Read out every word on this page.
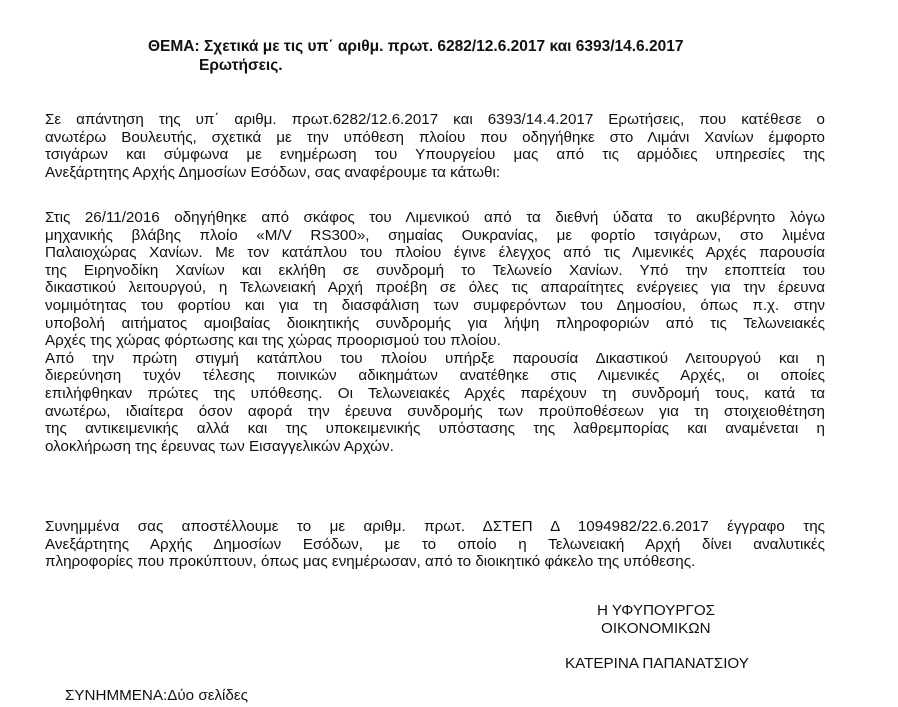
ΘΕΜΑ: Σχετικά με τις υπ΄ αριθμ. πρωτ. 6282/12.6.2017 και 6393/14.6.2017
Ερωτήσεις.
Σε απάντηση της υπ΄ αριθμ. πρωτ.6282/12.6.2017 και 6393/14.4.2017 Ερωτήσεις, που κατέθεσε ο
ανωτέρω Βουλευτής, σχετικά με την υπόθεση πλοίου που οδηγήθηκε στο Λιμάνι Χανίων έμφορτο
τσιγάρων και σύμφωνα με ενημέρωση του Υπουργείου μας από τις αρμόδιες υπηρεσίες της
Ανεξάρτητης Αρχής Δημοσίων Εσόδων, σας αναφέρουμε τα κάτωθι:
Στις 26/11/2016 οδηγήθηκε από σκάφος του Λιμενικού από τα διεθνή ύδατα το ακυβέρνητο λόγω
μηχανικής βλάβης πλοίο «M/V RS300», σημαίας Ουκρανίας, με φορτίο τσιγάρων, στο λιμένα
Παλαιοχώρας Χανίων. Με τον κατάπλου του πλοίου έγινε έλεγχος από τις Λιμενικές Αρχές παρουσία
της Ειρηνοδίκη Χανίων και εκλήθη σε συνδρομή το Τελωνείο Χανίων. Υπό την εποπτεία του
δικαστικού λειτουργού, η Τελωνειακή Αρχή προέβη σε όλες τις απαραίτητες ενέργειες για την έρευνα
νομιμότητας του φορτίου και για τη διασφάλιση των συμφερόντων του Δημοσίου, όπως π.χ. στην
υποβολή αιτήματος αμοιβαίας διοικητικής συνδρομής για λήψη πληροφοριών από τις Τελωνειακές
Αρχές της χώρας φόρτωσης και της χώρας προορισμού του πλοίου.
Από την πρώτη στιγμή κατάπλου του πλοίου υπήρξε παρουσία Δικαστικού Λειτουργού και η
διερεύνηση τυχόν τέλεσης ποινικών αδικημάτων ανατέθηκε στις Λιμενικές Αρχές, οι οποίες
επιλήφθηκαν πρώτες της υπόθεσης. Οι Τελωνειακές Αρχές παρέχουν τη συνδρομή τους, κατά τα
ανωτέρω, ιδιαίτερα όσον αφορά την έρευνα συνδρομής των προϋποθέσεων για τη στοιχειοθέτηση
της αντικειμενικής αλλά και της υποκειμενικής υπόστασης της λαθρεμπορίας και αναμένεται η
ολοκλήρωση της έρευνας των Εισαγγελικών Αρχών.
Συνημμένα σας αποστέλλουμε το με αριθμ. πρωτ. ΔΣΤΕΠ Δ 1094982/22.6.2017 έγγραφο της
Ανεξάρτητης Αρχής Δημοσίων Εσόδων, με το οποίο η Τελωνειακή Αρχή δίνει αναλυτικές
πληροφορίες που προκύπτουν, όπως μας ενημέρωσαν, από το διοικητικό φάκελο της υπόθεσης.
Η ΥΦΥΠΟΥΡΓΟΣ
ΟΙΚΟΝΟΜΙΚΩΝ
ΚΑΤΕΡΙΝΑ ΠΑΠΑΝΑΤΣΙΟΥ
ΣΥΝΗΜΜΕΝΑ:Δύο σελίδες
